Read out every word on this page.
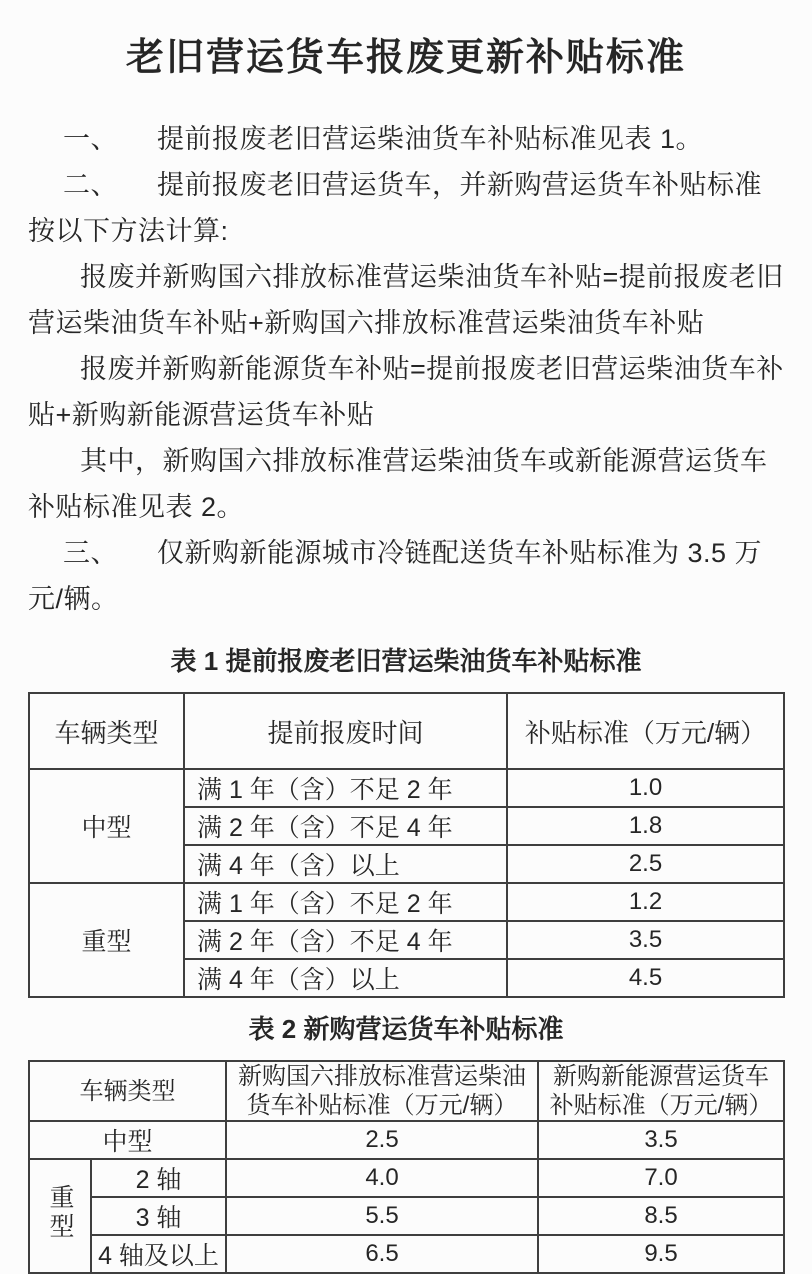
老旧营运货车报废更新补贴标准

一、 提前报废老旧营运柴油货车补贴标准见表 1。

二、 提前报废老旧营运货车，并新购营运货车补贴标准按以下方法计算:

报废并新购国六排放标准营运柴油货车补贴=提前报废老旧营运柴油货车补贴+新购国六排放标准营运柴油货车补贴

报废并新购新能源货车补贴=提前报废老旧营运柴油货车补贴+新购新能源营运货车补贴

其中，新购国六排放标准营运柴油货车或新能源营运货车补贴标准见表 2。

三、 仅新购新能源城市冷链配送货车补贴标准为 3.5 万元/辆。

表 1 提前报废老旧营运柴油货车补贴标准
车辆类型	提前报废时间	补贴标准（万元/辆）
中型	满 1 年（含）不足 2 年	1.0
	满 2 年（含）不足 4 年	1.8
	满 4 年（含）以上	2.5
重型	满 1 年（含）不足 2 年	1.2
	满 2 年（含）不足 4 年	3.5
	满 4 年（含）以上	4.5
表 2 新购营运货车补贴标准
车辆类型		新购国六排放标准营运柴油货车补贴标准（万元/辆）	新购新能源营运货车补贴标准（万元/辆）
中型		2.5	3.5
重型	2 轴	4.0	7.0
	3 轴	5.5	8.5
	4 轴及以上	6.5	9.5
